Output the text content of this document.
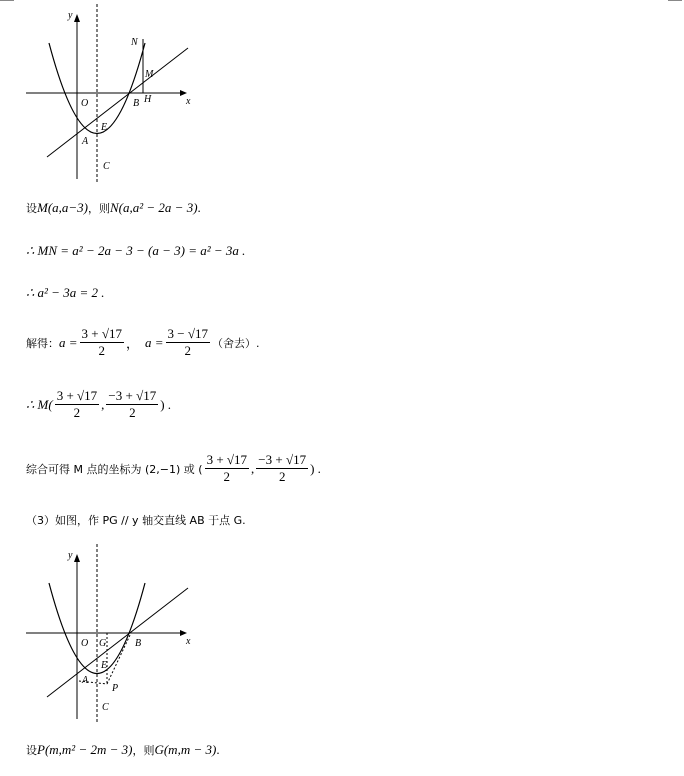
y
x
O
N
M
B H
E
A
C
设 M(a,a−3) ，则 N(a,a² − 2a − 3) .
∴ MN = a² − 2a − 3 − (a − 3) = a² − 3a .
∴ a² − 3a = 2 .
解得： $a = \frac{3 + √17}{2}$ ， $a = \frac{3 - √17}{2}$ （舍去）.
∴ $M( \frac{3 + √17}{2}$ , $\frac{-3 + √17}{2}$ ) .
综合可得 M 点的坐标为 (2,−1) 或 ( $\frac{3 + √17}{2}$ , $\frac{-3 + √17}{2}$ ) .
（3）如图，作 PG // y 轴交直线 AB 于点 G.
y
x
O G	B
E
A
P
C
设 P(m,m² − 2m − 3) ，则 G(m,m − 3) .
